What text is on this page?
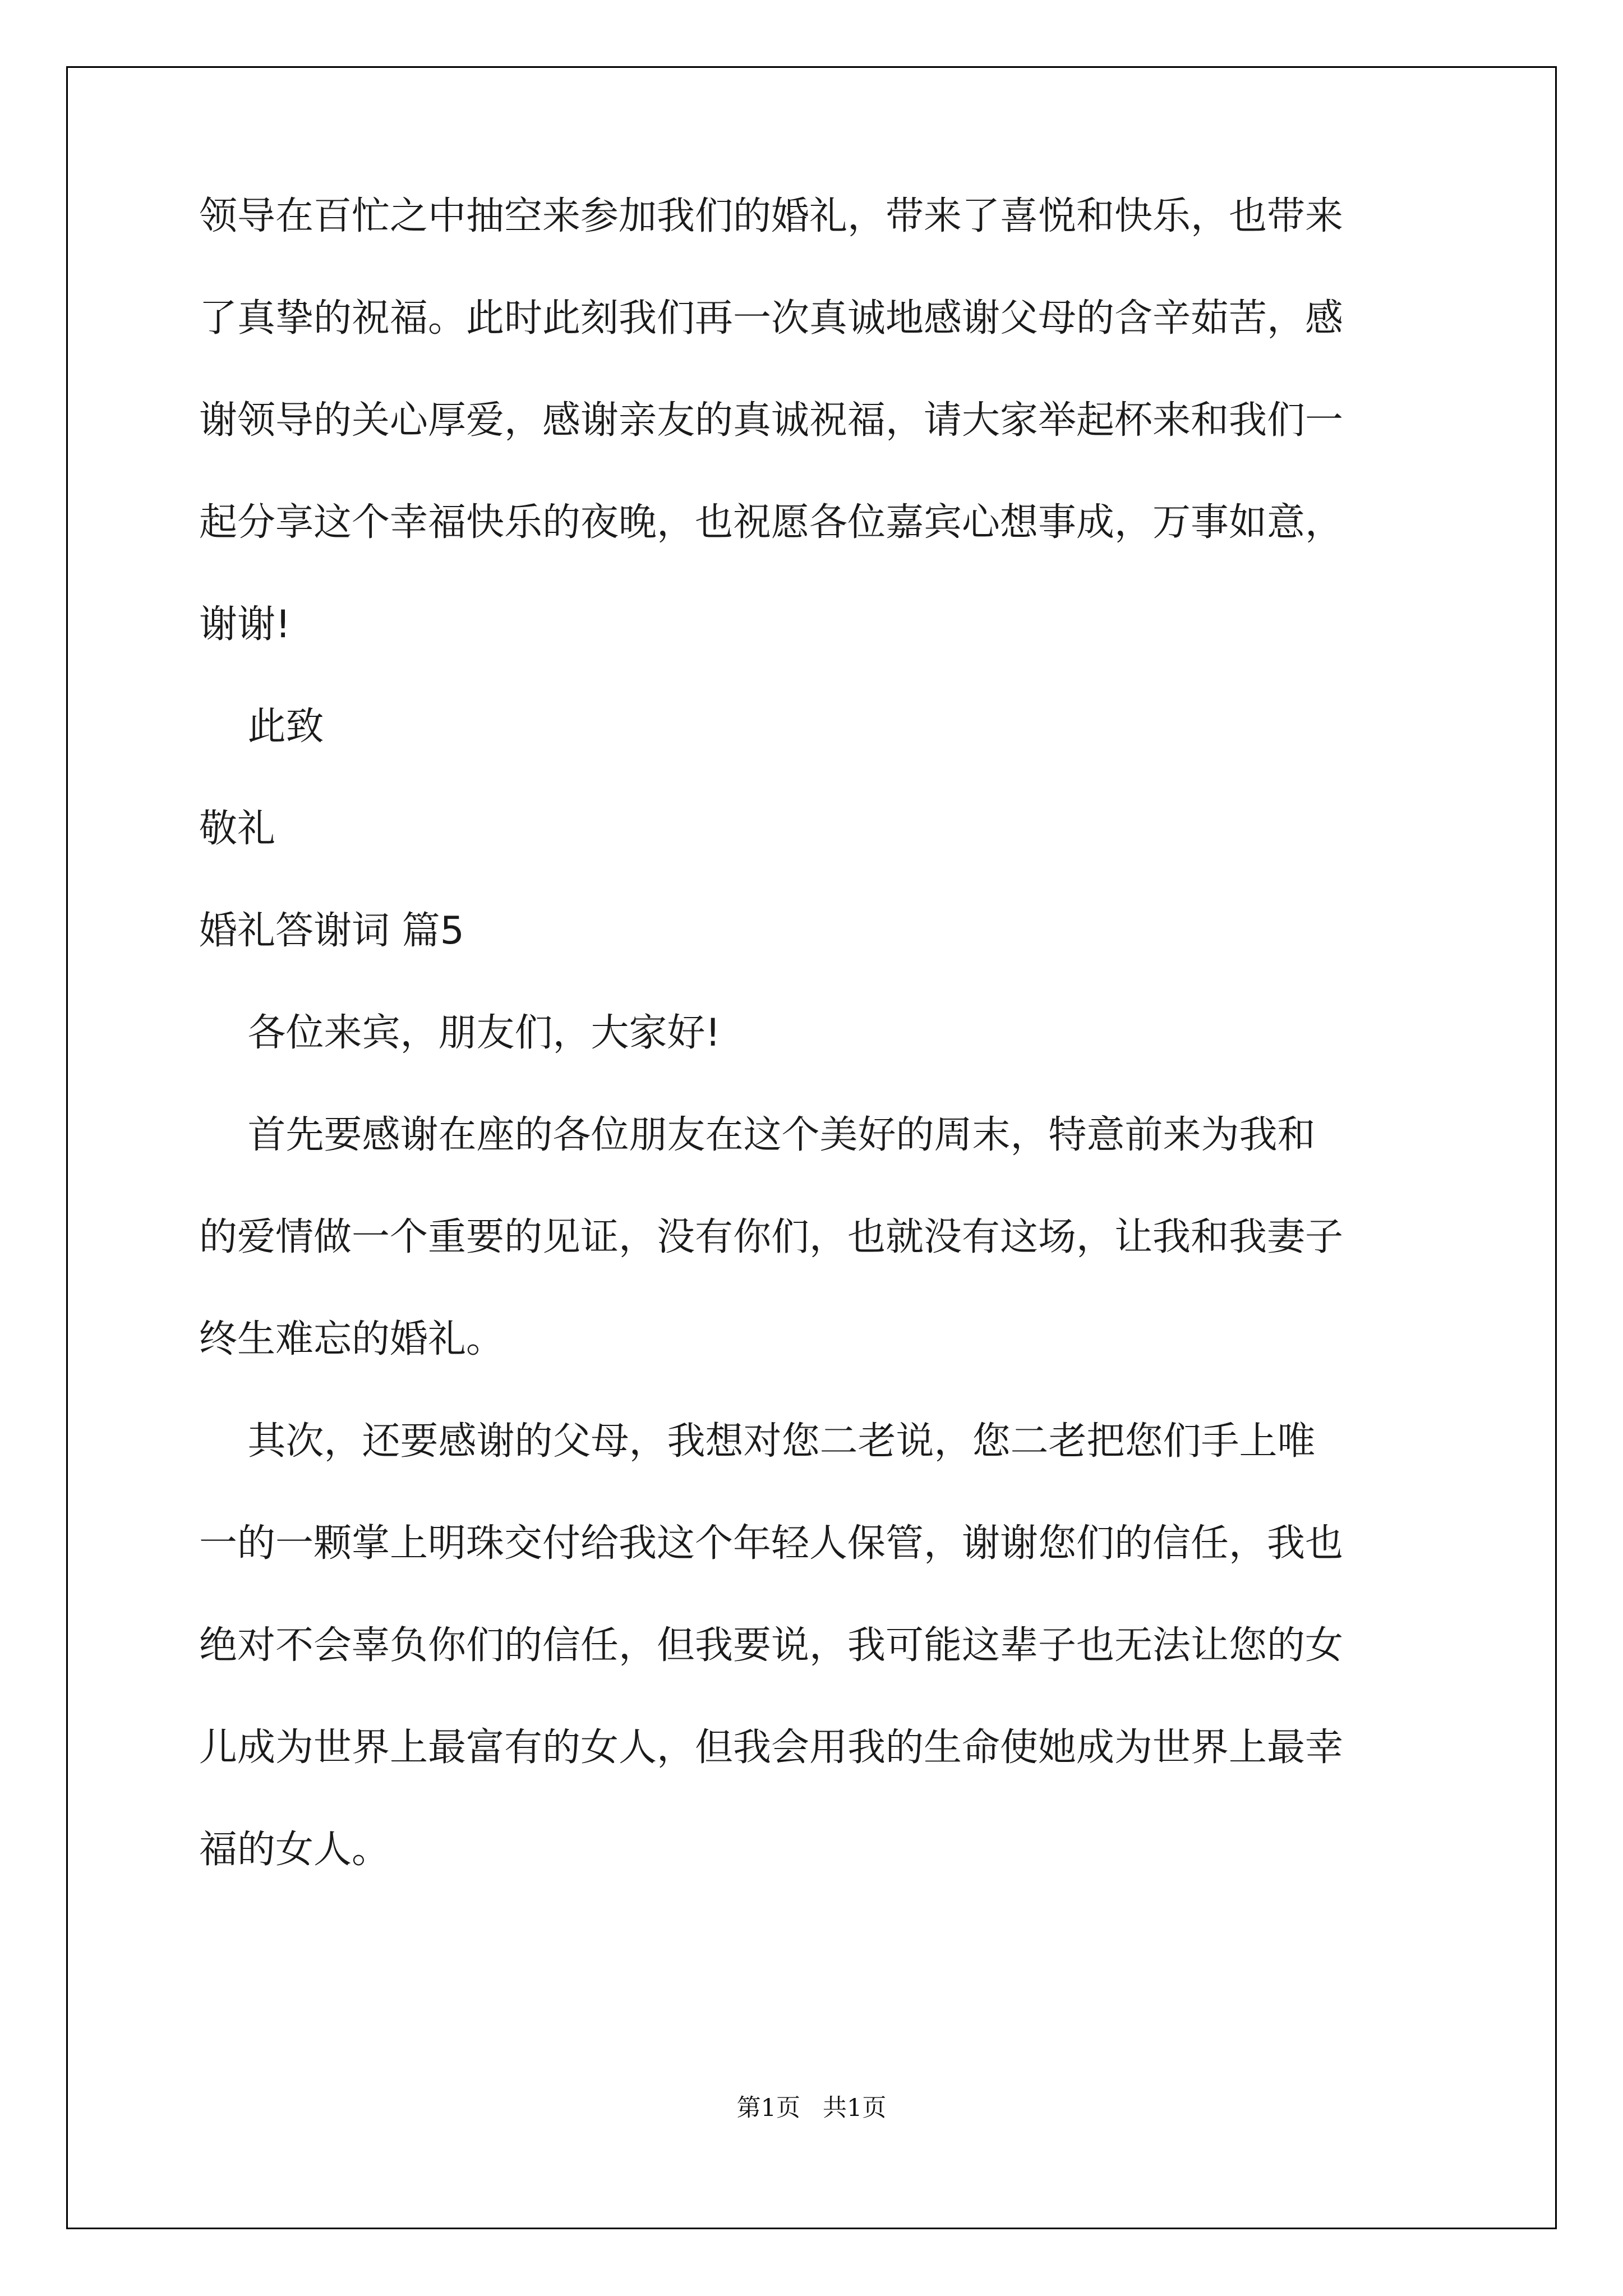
领导在百忙之中抽空来参加我们的婚礼，带来了喜悦和快乐，也带来
了真挚的祝福。此时此刻我们再一次真诚地感谢父母的含辛茹苦，感
谢领导的关心厚爱，感谢亲友的真诚祝福，请大家举起杯来和我们一
起分享这个幸福快乐的夜晚，也祝愿各位嘉宾心想事成，万事如意，
谢谢!
此致
敬礼
婚礼答谢词 篇5
各位来宾，朋友们，大家好!
首先要感谢在座的各位朋友在这个美好的周末，特意前来为我和
的爱情做一个重要的见证，没有你们，也就没有这场，让我和我妻子
终生难忘的婚礼。
其次，还要感谢的父母，我想对您二老说，您二老把您们手上唯
一的一颗掌上明珠交付给我这个年轻人保管，谢谢您们的信任，我也
绝对不会辜负你们的信任，但我要说，我可能这辈子也无法让您的女
儿成为世界上最富有的女人，但我会用我的生命使她成为世界上最幸
福的女人。
第1页 共1页
